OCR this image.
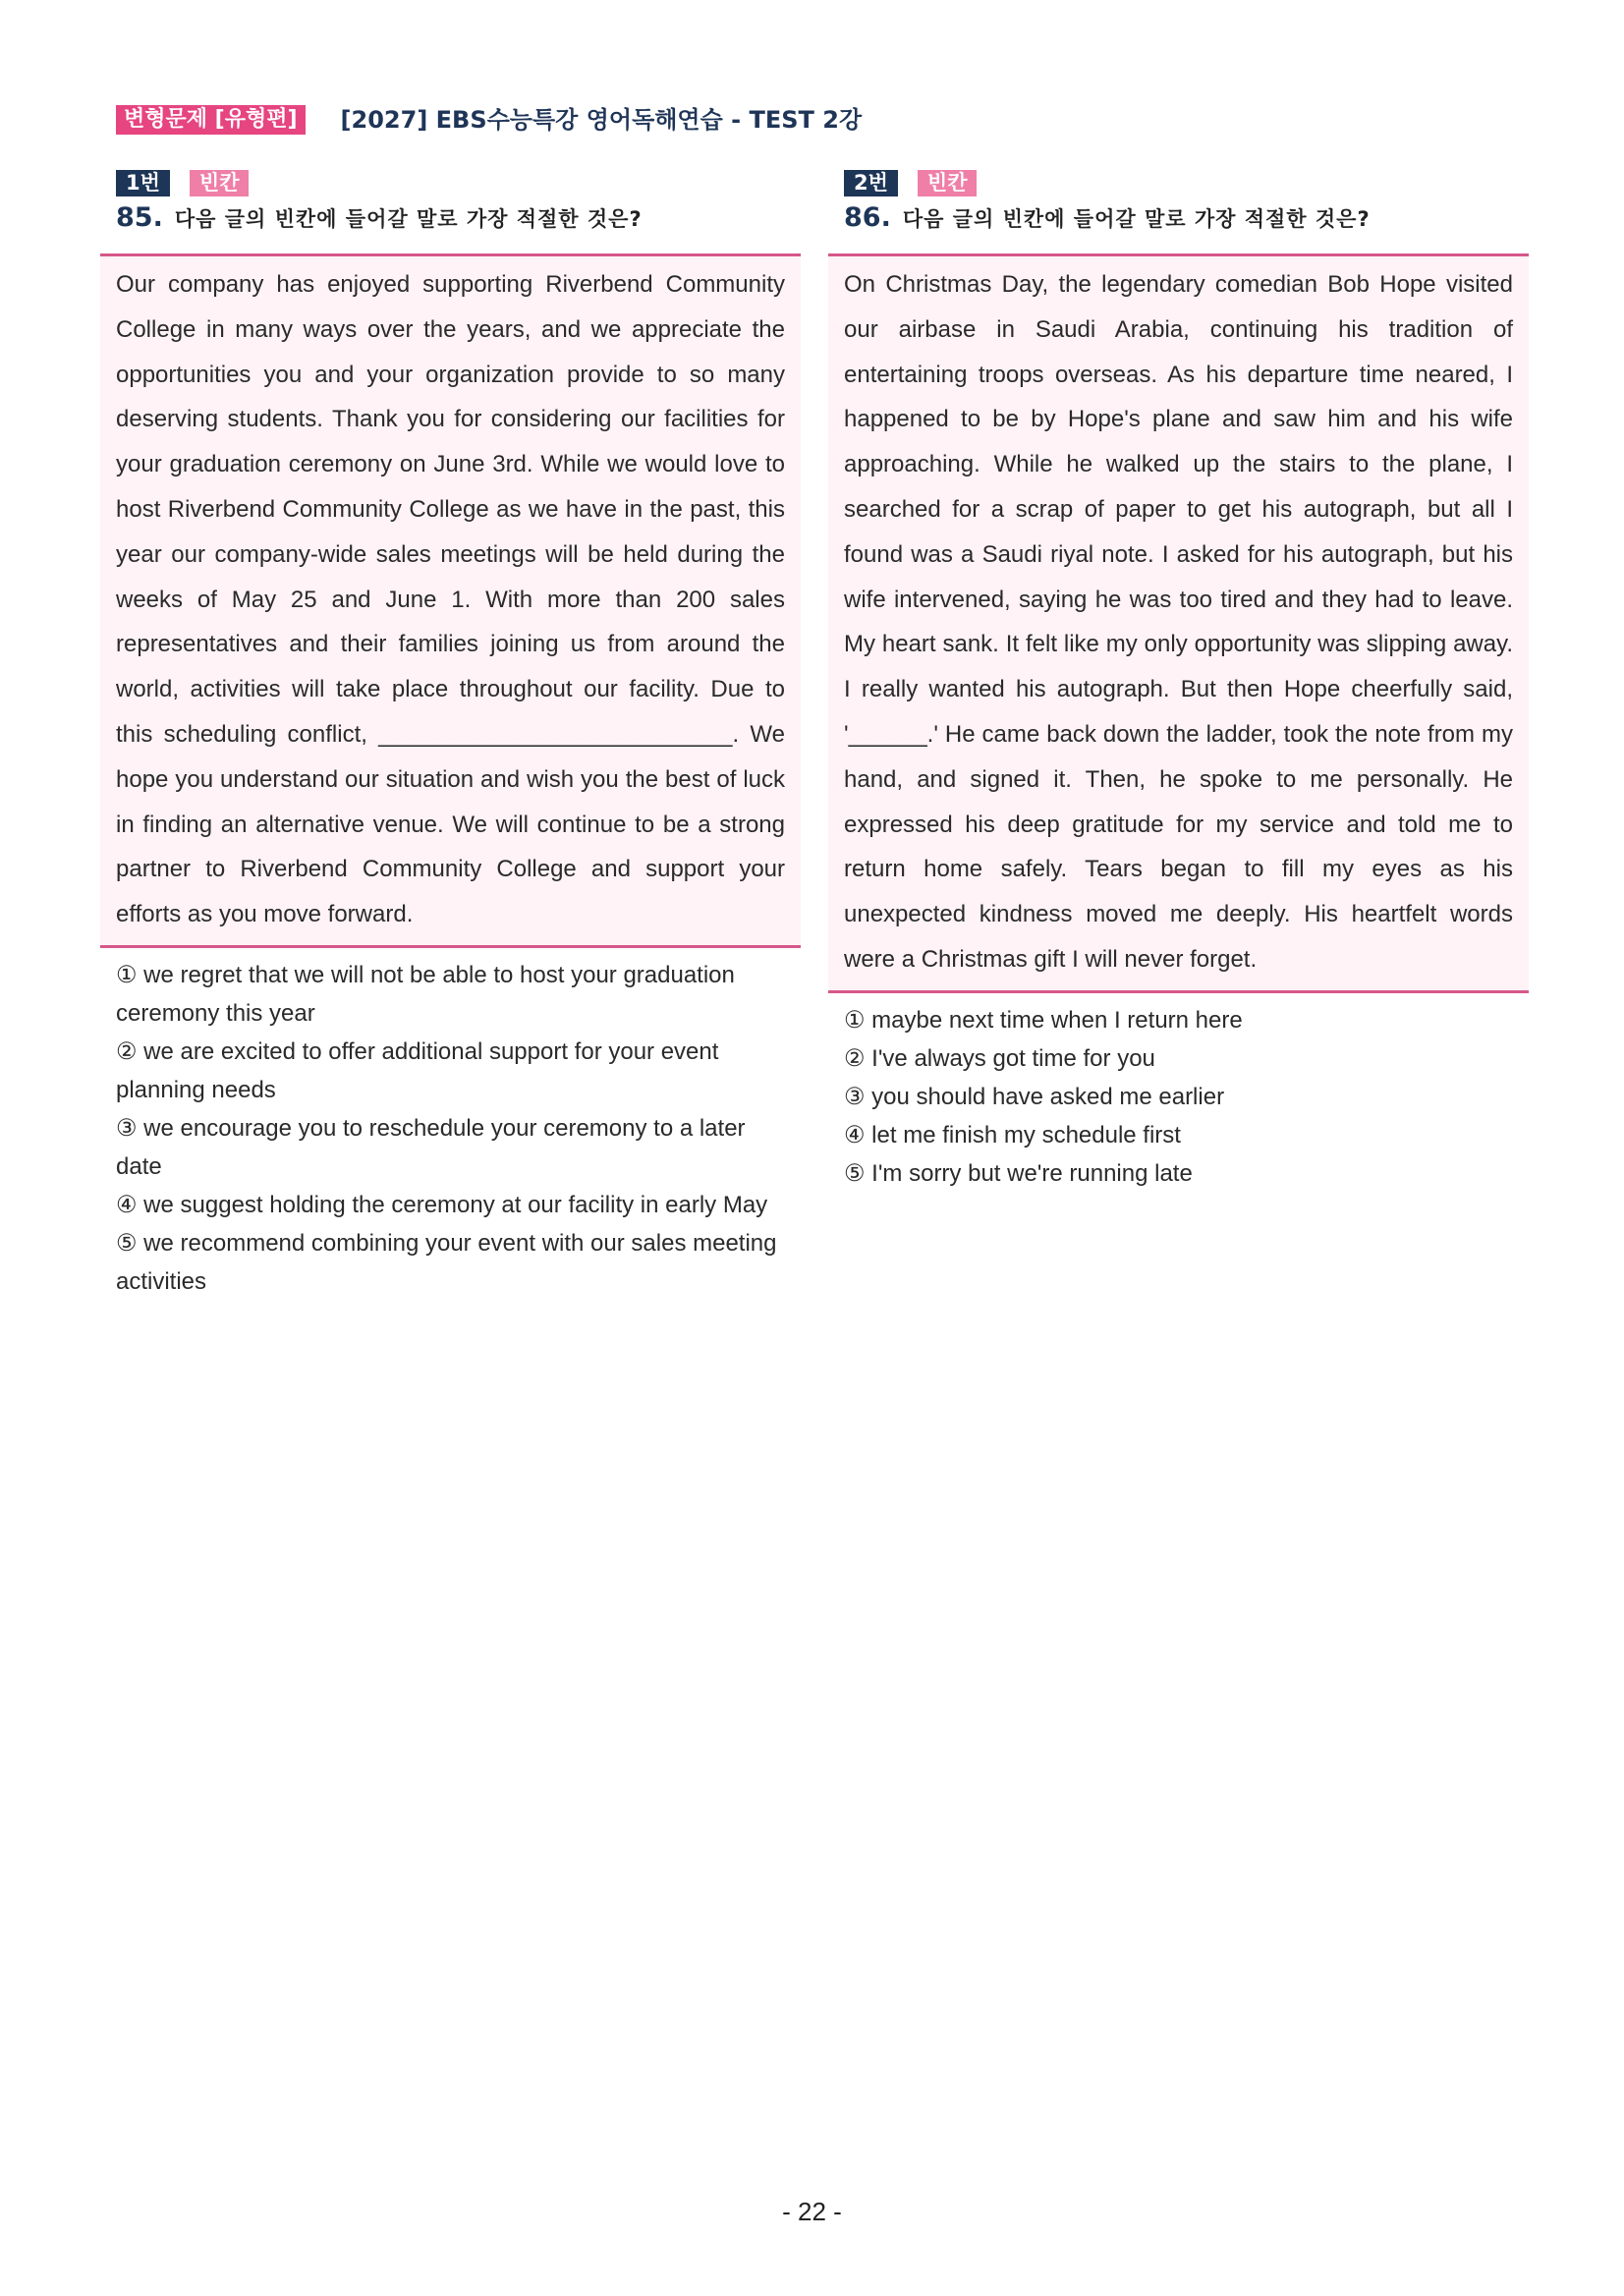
변형문제 [유형편]	[2027] EBS수능특강 영어독해연습 - TEST 2강
1번	빈칸
85. 다음 글의 빈칸에 들어갈 말로 가장 적절한 것은?

Our company has enjoyed supporting Riverbend Community College in many ways over the years, and we appreciate the opportunities you and your organization provide to so many deserving students. Thank you for considering our facilities for your graduation ceremony on June 3rd. While we would love to host Riverbend Community College as we have in the past, this year our company-wide sales meetings will be held during the weeks of May 25 and June 1. With more than 200 sales representatives and their families joining us from around the world, activities will take place throughout our facility. Due to this scheduling conflict, ___________________________. We hope you understand our situation and wish you the best of luck in finding an alternative venue. We will continue to be a strong partner to Riverbend Community College and support your efforts as you move forward.

① we regret that we will not be able to host your graduation ceremony this year

② we are excited to offer additional support for your event planning needs

③ we encourage you to reschedule your ceremony to a later date

④ we suggest holding the ceremony at our facility in early May

⑤ we recommend combining your event with our sales meeting activities

2번	빈칸
86. 다음 글의 빈칸에 들어갈 말로 가장 적절한 것은?

On Christmas Day, the legendary comedian Bob Hope visited our airbase in Saudi Arabia, continuing his tradition of entertaining troops overseas. As his departure time neared, I happened to be by Hope's plane and saw him and his wife approaching. While he walked up the stairs to the plane, I searched for a scrap of paper to get his autograph, but all I found was a Saudi riyal note. I asked for his autograph, but his wife intervened, saying he was too tired and they had to leave. My heart sank. It felt like my only opportunity was slipping away. I really wanted his autograph. But then Hope cheerfully said, '______.' He came back down the ladder, took the note from my hand, and signed it. Then, he spoke to me personally. He expressed his deep gratitude for my service and told me to return home safely. Tears began to fill my eyes as his unexpected kindness moved me deeply. His heartfelt words were a Christmas gift I will never forget.

① maybe next time when I return here

② I've always got time for you

③ you should have asked me earlier

④ let me finish my schedule first

⑤ I'm sorry but we're running late

- 22 -
